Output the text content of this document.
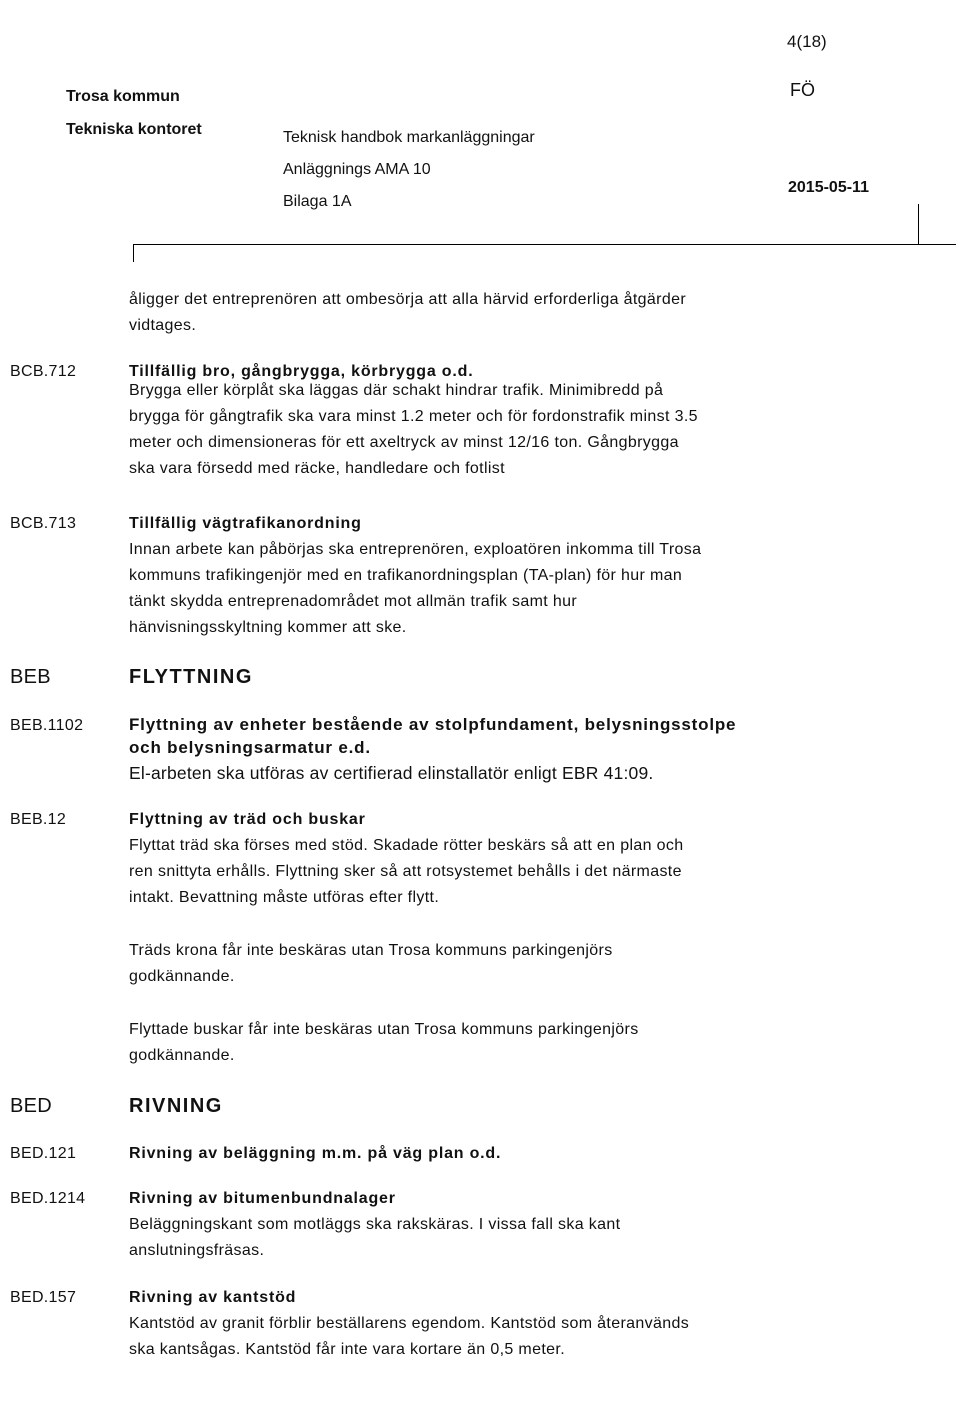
4(18)
Trosa kommun	FÖ
Tekniska kontoret	Teknisk handbok markanläggningar
Anläggnings AMA 10
Bilaga 1A
2015-05-11

åligger det entreprenören att ombesörja att alla härvid erforderliga åtgärder

vidtages.

BCB.712	Tillfällig bro, gångbrygga, körbrygga o.d.

Brygga eller körplåt ska läggas där schakt hindrar trafik. Minimibredd på

brygga för gångtrafik ska vara minst 1.2 meter och för fordonstrafik minst 3.5

meter och dimensioneras för ett axeltryck av minst 12/16 ton. Gångbrygga

ska vara försedd med räcke, handledare och fotlist

BCB.713	Tillfällig vägtrafikanordning

Innan arbete kan påbörjas ska entreprenören, exploatören inkomma till Trosa

kommuns trafikingenjör med en trafikanordningsplan (TA-plan) för hur man

tänkt skydda entreprenadområdet mot allmän trafik samt hur

hänvisningsskyltning kommer att ske.

BEB	FLYTTNING

BEB.1102	Flyttning av enheter bestående av stolpfundament, belysningsstolpe

och belysningsarmatur e.d.

El-arbeten ska utföras av certifierad elinstallatör enligt EBR 41:09.

BEB.12	Flyttning av träd och buskar

Flyttat träd ska förses med stöd. Skadade rötter beskärs så att en plan och

ren snittyta erhålls. Flyttning sker så att rotsystemet behålls i det närmaste

intakt. Bevattning måste utföras efter flytt.

Träds krona får inte beskäras utan Trosa kommuns parkingenjörs

godkännande.

Flyttade buskar får inte beskäras utan Trosa kommuns parkingenjörs

godkännande.

BED	RIVNING

BED.121	Rivning av beläggning m.m. på väg plan o.d.

BED.1214	Rivning av bitumenbundnalager

Beläggningskant som motläggs ska rakskäras. I vissa fall ska kant

anslutningsfräsas.

BED.157	Rivning av kantstöd

Kantstöd av granit förblir beställarens egendom. Kantstöd som återanvänds

ska kantsågas. Kantstöd får inte vara kortare än 0,5 meter.
